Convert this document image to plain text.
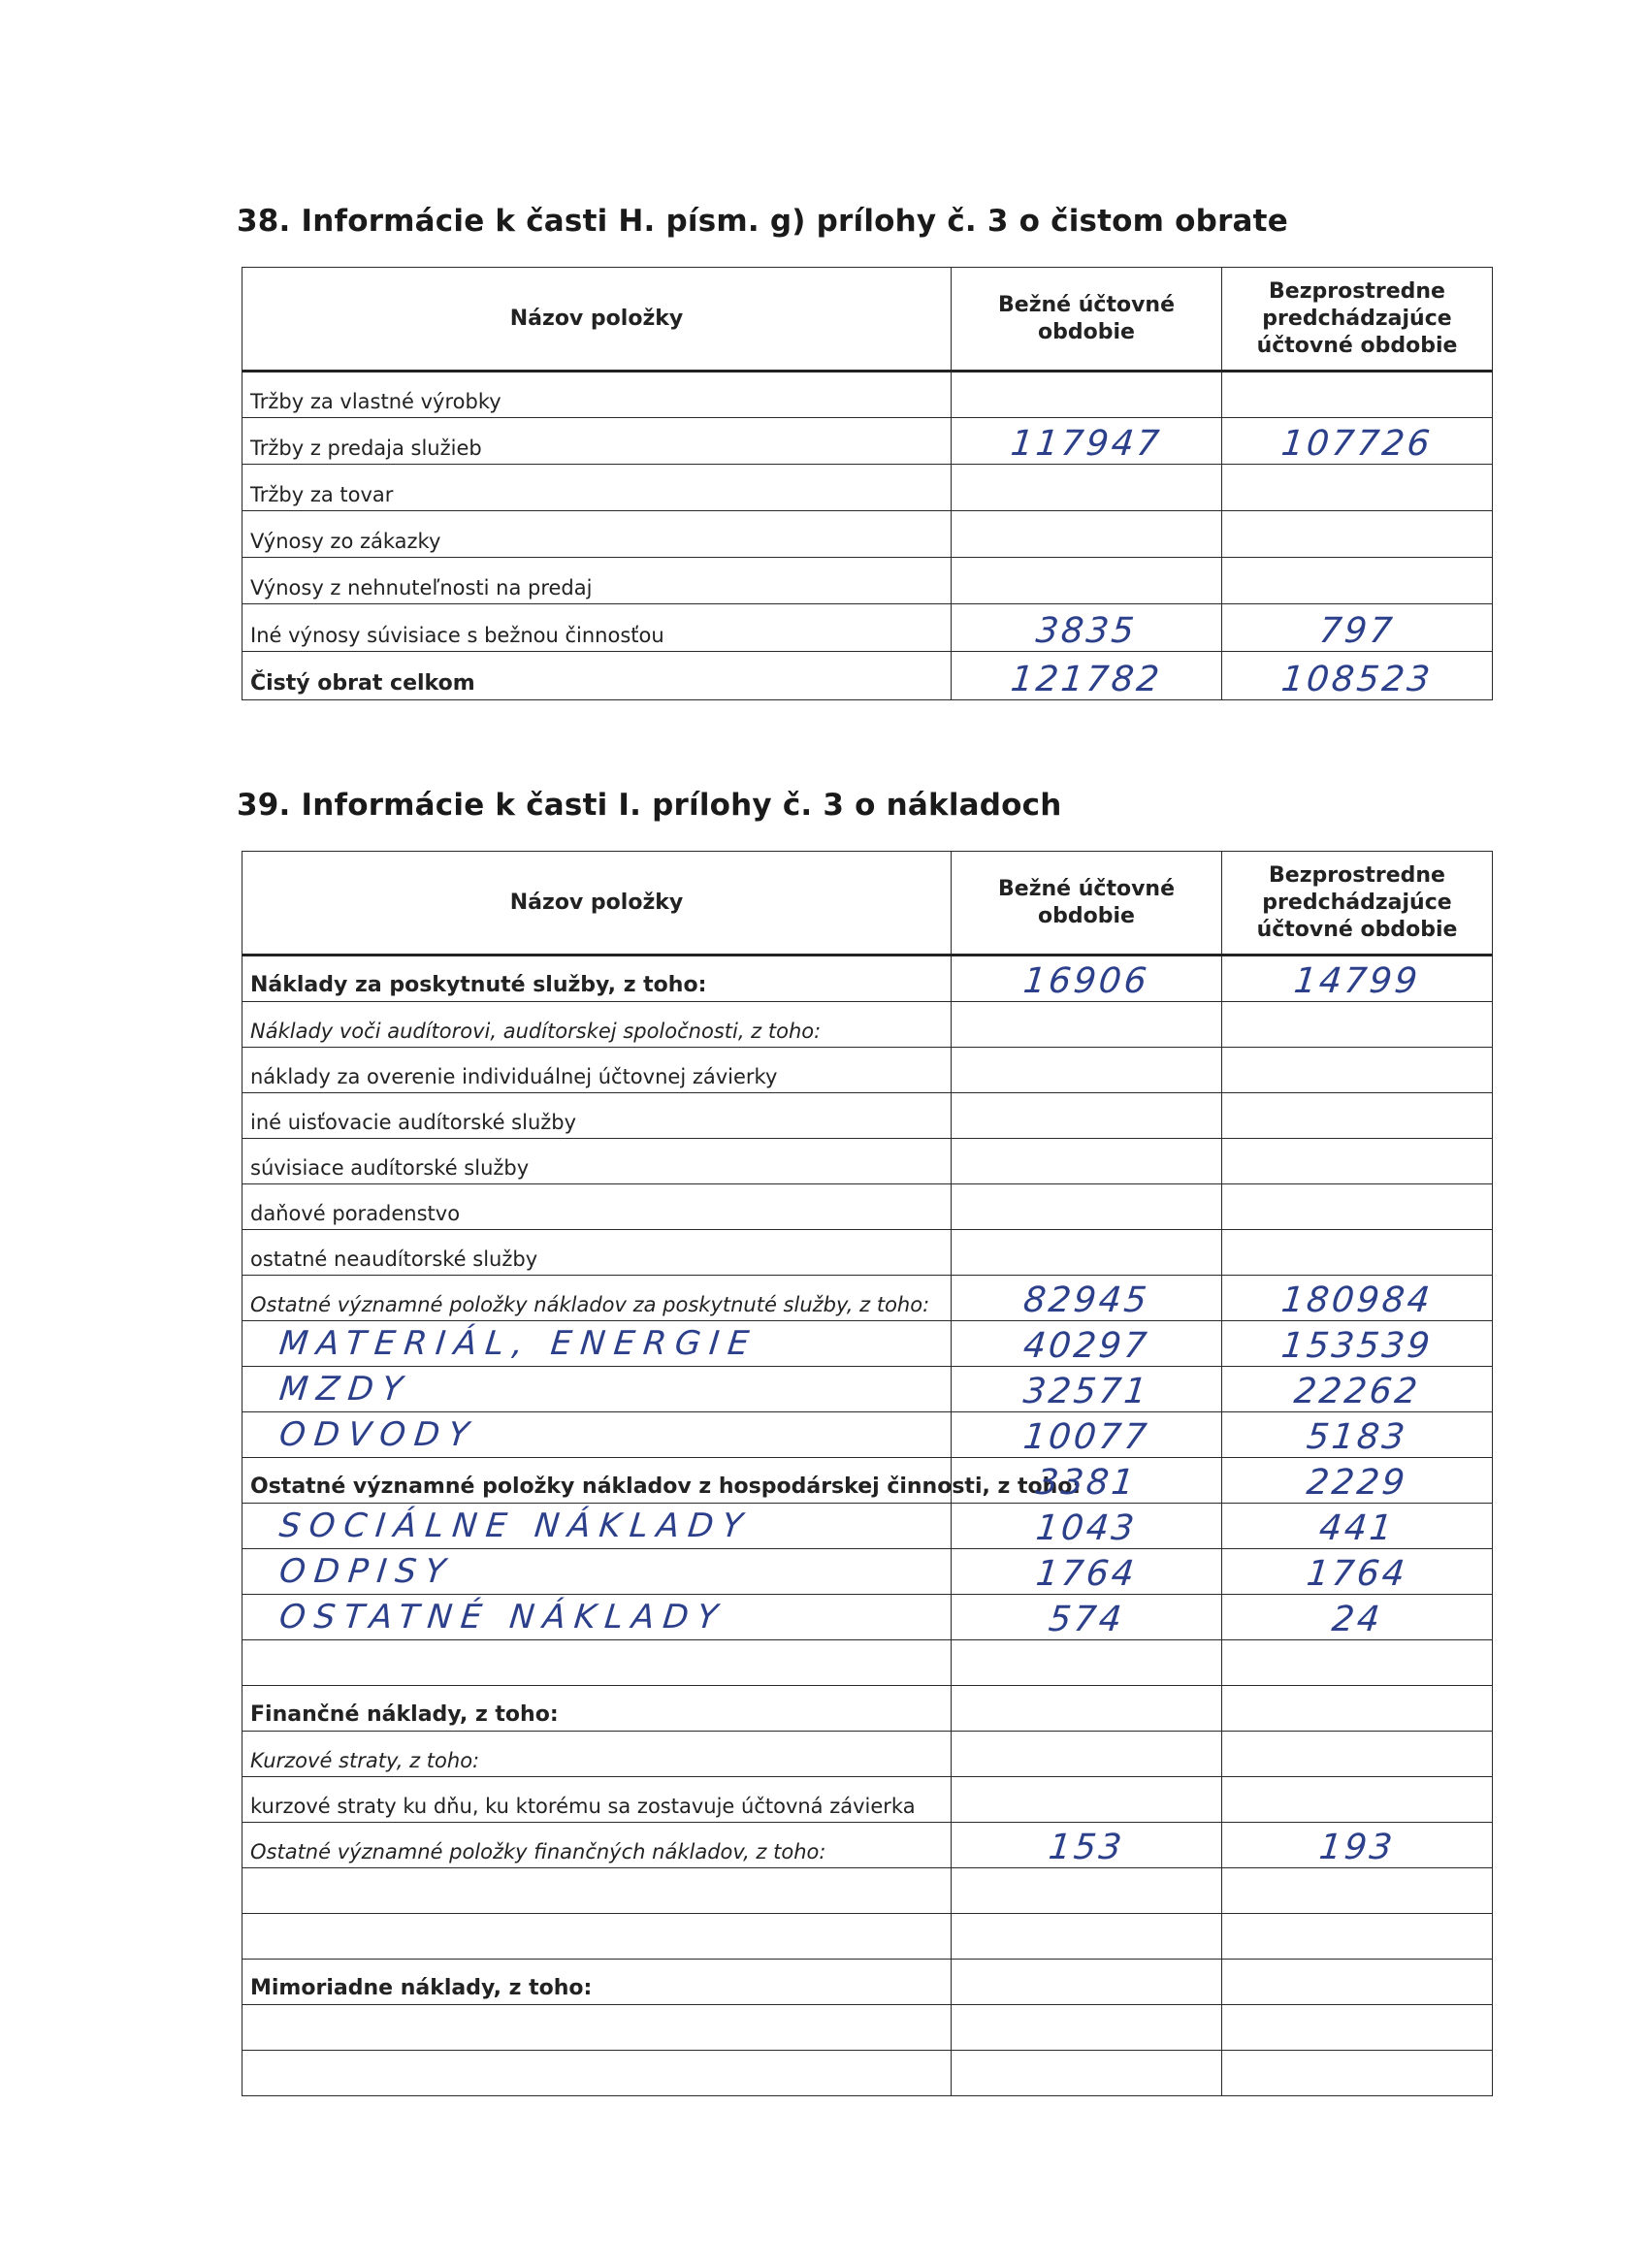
38. Informácie k časti H. písm. g) prílohy č. 3 o čistom obrate
Názov položky	Bežné účtovné obdobie	Bezprostredne predchádzajúce účtovné obdobie
Tržby za vlastné výrobky		
Tržby z predaja služieb	117947	107726
Tržby za tovar		
Výnosy zo zákazky		
Výnosy z nehnuteľnosti na predaj		
Iné výnosy súvisiace s bežnou činnosťou	3835	797
Čistý obrat celkom	121782	108523
39. Informácie k časti I. prílohy č. 3 o nákladoch
Názov položky	Bežné účtovné obdobie	Bezprostredne predchádzajúce účtovné obdobie
Náklady za poskytnuté služby, z toho:	16906	14799
Náklady voči audítorovi, audítorskej spoločnosti, z toho:		
náklady za overenie individuálnej účtovnej závierky		
iné uisťovacie audítorské služby		
súvisiace audítorské služby		
daňové poradenstvo		
ostatné neaudítorské služby		
Ostatné významné položky nákladov za poskytnuté služby, z toho:	82945	180984
MATERIÁL, ENERGIE	40297	153539
MZDY	32571	22262
ODVODY	10077	5183
Ostatné významné položky nákladov z hospodárskej činnosti, z toho:	3381	2229
SOCIÁLNE NÁKLADY	1043	441
ODPISY	1764	1764
OSTATNÉ NÁKLADY	574	24

Finančné náklady, z toho:		
Kurzové straty, z toho:		
kurzové straty ku dňu, ku ktorému sa zostavuje účtovná závierka		
Ostatné významné položky finančných nákladov, z toho:	153	193

Mimoriadne náklady, z toho:		
